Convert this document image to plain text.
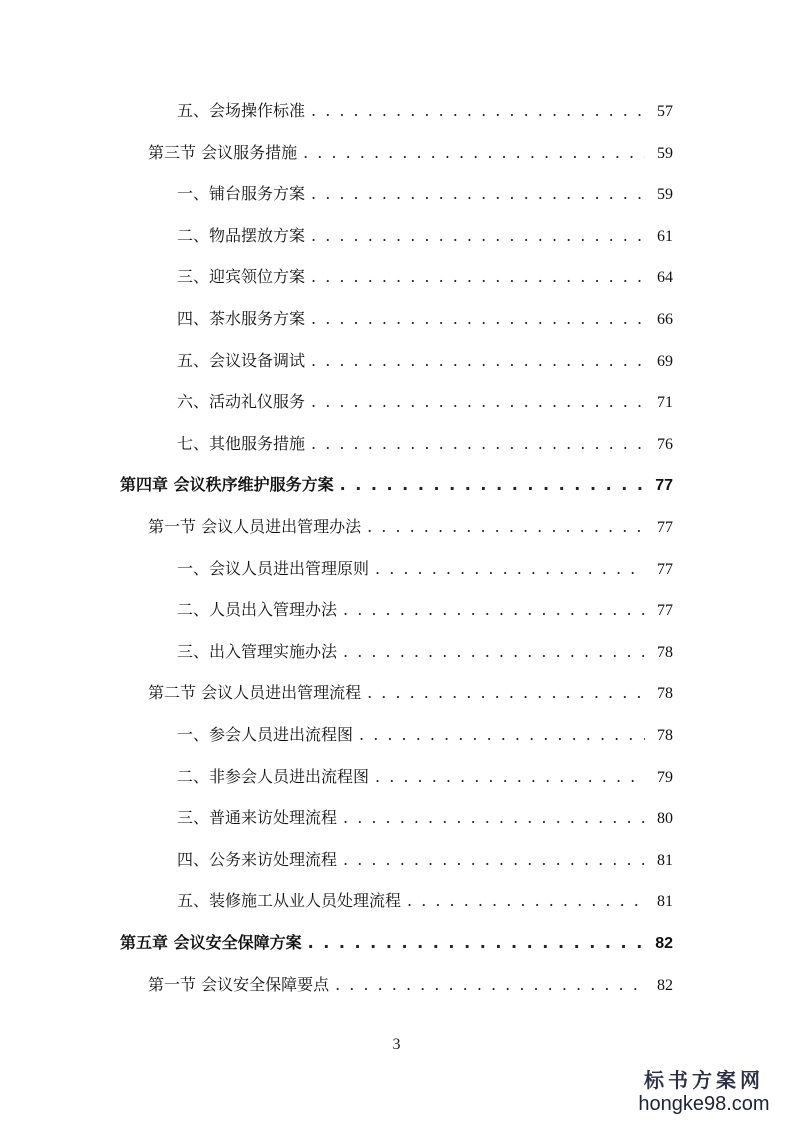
五、会场操作标准 . . .	57
第三节 会议服务措施 . . .	59
一、铺台服务方案 . . .	59
二、物品摆放方案 . . .	61
三、迎宾领位方案 . . .	64
四、茶水服务方案 . . .	66
五、会议设备调试 . . .	69
六、活动礼仪服务 . . .	71
七、其他服务措施 . . .	76
第四章 会议秩序维护服务方案 . . .	77
第一节 会议人员进出管理办法 . . .	77
一、会议人员进出管理原则 . . .	77
二、人员出入管理办法 . . .	77
三、出入管理实施办法 . . .	78
第二节 会议人员进出管理流程 . . .	78
一、参会人员进出流程图 . . .	78
二、非参会人员进出流程图 . . .	79
三、普通来访处理流程 . . .	80
四、公务来访处理流程 . . .	81
五、装修施工从业人员处理流程 . . .	81
第五章 会议安全保障方案 . . .	82
第一节 会议安全保障要点 . . .	82
3
标书方案网
hongke98.com
